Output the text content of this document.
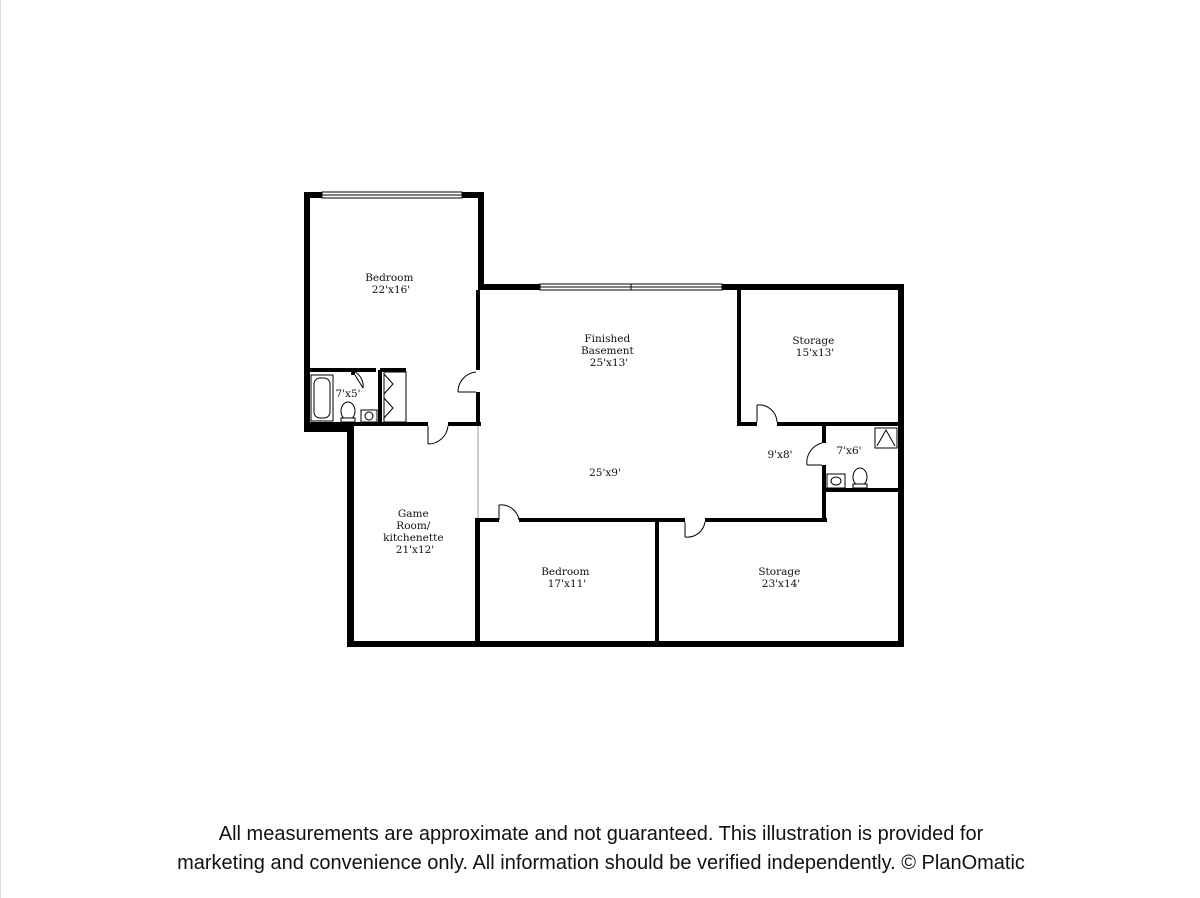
Bedroom 22'x16'
Finished Basement 25'x13'
Storage 15'x13'
7'x5'
25'x9'
9'x8'	7'x6'
Game Room/ kitchenette 21'x12'
Bedroom 17'x11'
Storage 23'x14'
All measurements are approximate and not guaranteed. This illustration is provided for
marketing and convenience only. All information should be verified independently. © PlanOmatic
